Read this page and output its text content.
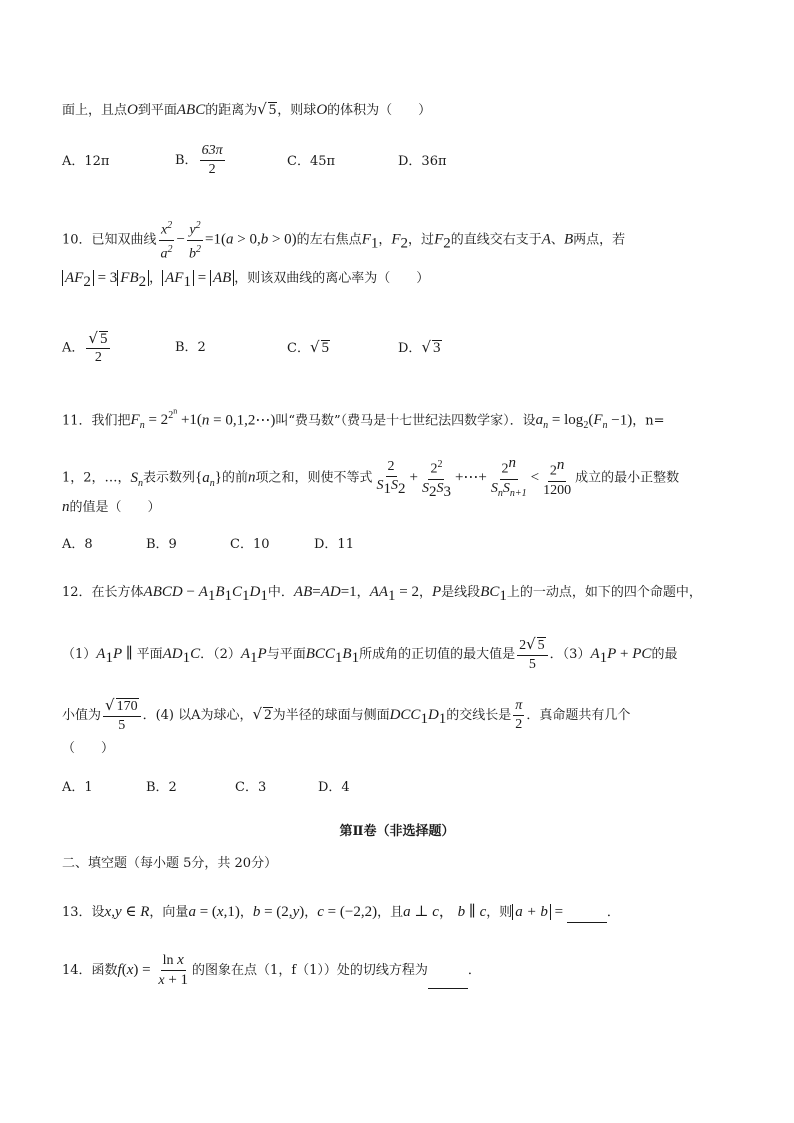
面上，且点O到平面ABC的距离为√ 5，则球O的体积为（　　）
A．12π	B． $\frac{63\pi}{2}$	C．45π	D．36π
10．已知双曲线 $\frac{x^2}{a^2} - \frac{y^2}{b^2} =1(a > 0,b > 0)$的左右焦点$F_1$，$F_2$，过$F_2$的直线交右支于A、B两点，若
$AF_2 = 3$ $FB_2$ ， $AF_1$ = AB ，则该双曲线的离心率为（　　）
A． $\frac{√ 5}{2}$	B．2	C．√ 5	D．√ 3
11．我们把$F_n = 2^{2^n} +1(n$ = 0,1,2⋯)叫“费马数”（费马是十七世纪法四数学家）．设$a_n = \log_2(F_n -1)$，n=
1，2，…，$S_n$表示数列$\{a_n\}$的前n项之和，则使不等式 $\frac{2}{S_1S_2} + \frac{2^2}{S_2S_3}$ +⋯+ $\frac{2^n}{S_nS_{n+1}} < \frac{2^n}{1200}$ 成立的最小正整数
n的值是（　　）
A．8	B．9	C．10	D．11
12．在长方体ABCD − $A_1B_1C_1D_1$中．AB=AD=1，$AA_1 = 2$，P是线段$BC_1$上的一动点，如下的四个命题中，
$(1)A_1P$ ∥ 平面$AD_1C$．$(2)A_1P$与平面$BCC_1B_1$所成角的正切值的最大值是 $\frac{2√ 5}{5}$ ．$(3)A_1P$ + PC的最
小值为 $\frac{√ 170}{5}$ ．(4) 以A为球心，√ 2为半径的球面与侧面$DCC_1D_1$的交线长是 $\frac{\pi}{2}$ ．真命题共有几个
（　　）
A．1	B．2	C．3	D．4
第Ⅱ卷（非选择题）
二、填空题（每小题 5分，共 20分）
13．设x,y ∈ R，向量a = (x,1)，b = (2,y)，c = (−2,2)，且a ⊥ c， b ∥ c，则 a + b =	．
14．函数$f(x) = \frac{\text{ln x}}{x + 1}$ 的图象在点（1，f（1））处的切线方程为	．
